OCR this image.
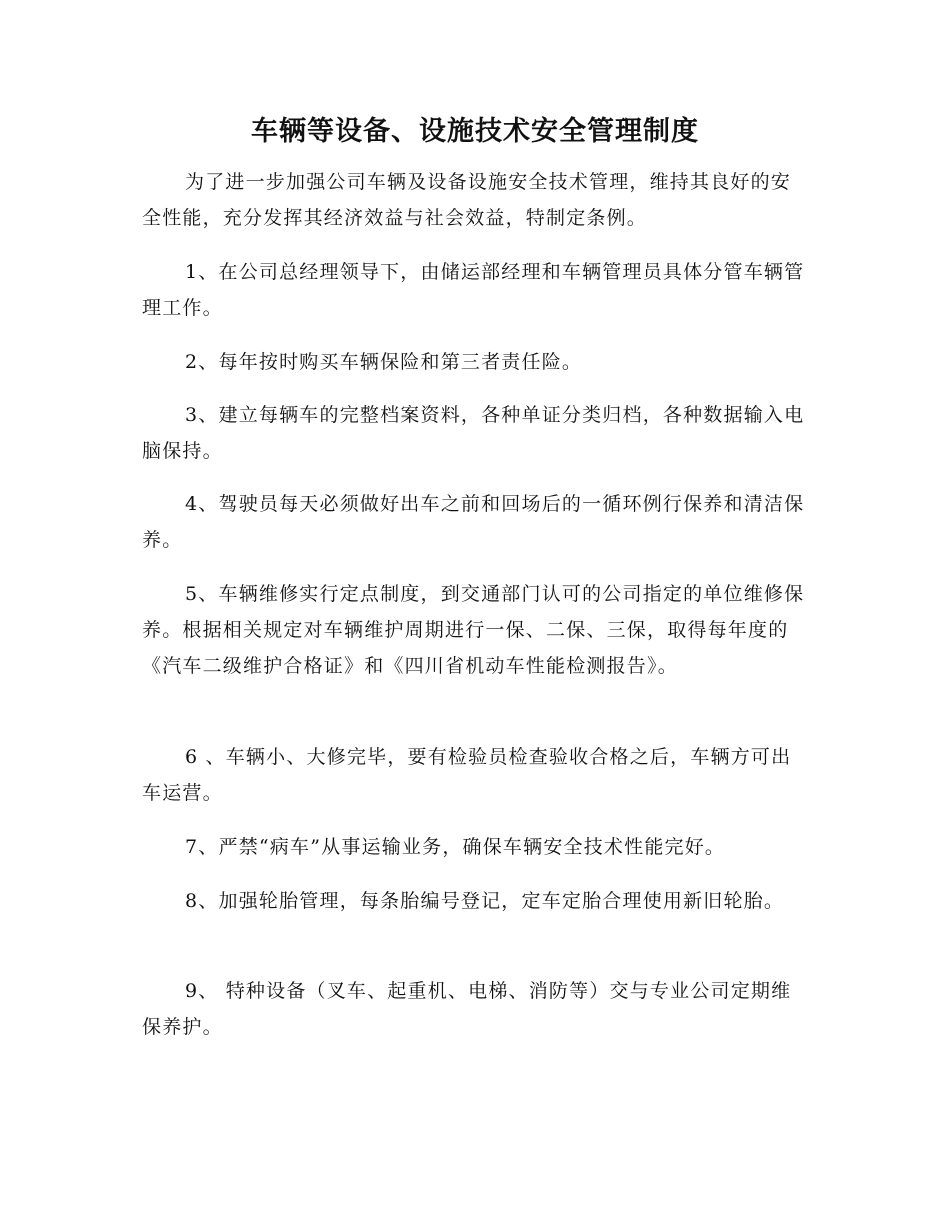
车辆等设备、设施技术安全管理制度

为了进一步加强公司车辆及设备设施安全技术管理，维持其良好的安全性能，充分发挥其经济效益与社会效益，特制定条例。

1、在公司总经理领导下，由储运部经理和车辆管理员具体分管车辆管理工作。

2、每年按时购买车辆保险和第三者责任险。

3、建立每辆车的完整档案资料，各种单证分类归档，各种数据输入电脑保持。

4、驾驶员每天必须做好出车之前和回场后的一循环例行保养和清洁保养。

5、车辆维修实行定点制度，到交通部门认可的公司指定的单位维修保养。根据相关规定对车辆维护周期进行一保、二保、三保，取得每年度的《汽车二级维护合格证》和《四川省机动车性能检测报告》。

6 、车辆小、大修完毕，要有检验员检查验收合格之后，车辆方可出车运营。

7、严禁“病车”从事运输业务，确保车辆安全技术性能完好。

8、加强轮胎管理，每条胎编号登记，定车定胎合理使用新旧轮胎。

9、 特种设备（叉车、起重机、电梯、消防等）交与专业公司定期维保养护。
